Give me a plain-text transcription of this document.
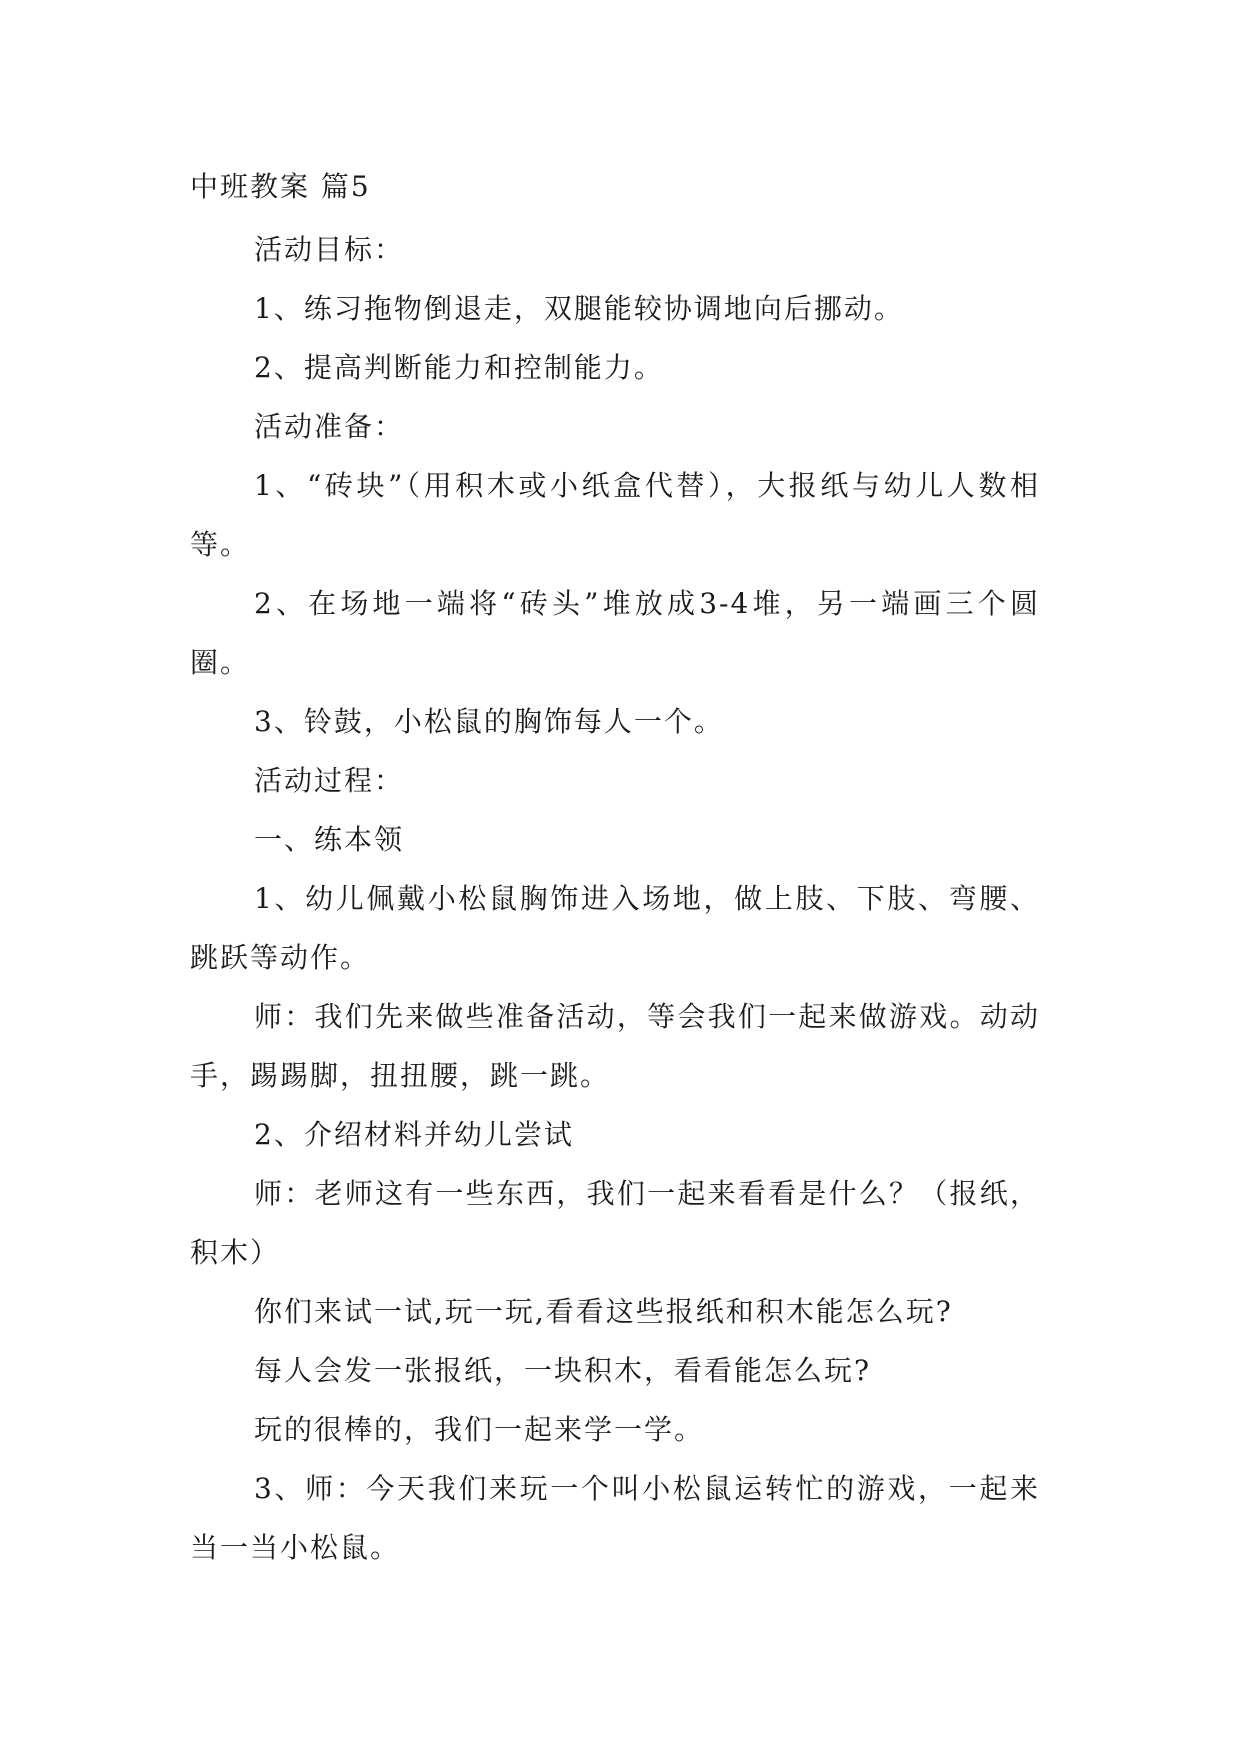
中班教案 篇5

活动目标：

1、练习拖物倒退走，双腿能较协调地向后挪动。

2、提高判断能力和控制能力。

活动准备：

1、“砖块”（用积木或小纸盒代替），大报纸与幼儿人数相等。

2、在场地一端将“砖头”堆放成3-4堆，另一端画三个圆圈。

3、铃鼓，小松鼠的胸饰每人一个。

活动过程：

一、练本领

1、幼儿佩戴小松鼠胸饰进入场地，做上肢、下肢、弯腰、跳跃等动作。

师：我们先来做些准备活动，等会我们一起来做游戏。动动手，踢踢脚，扭扭腰，跳一跳。

2、介绍材料并幼儿尝试

师：老师这有一些东西，我们一起来看看是什么？（报纸，积木）

你们来试一试,玩一玩,看看这些报纸和积木能怎么玩?

每人会发一张报纸，一块积木，看看能怎么玩?

玩的很棒的，我们一起来学一学。

3、师：今天我们来玩一个叫小松鼠运转忙的游戏，一起来当一当小松鼠。
